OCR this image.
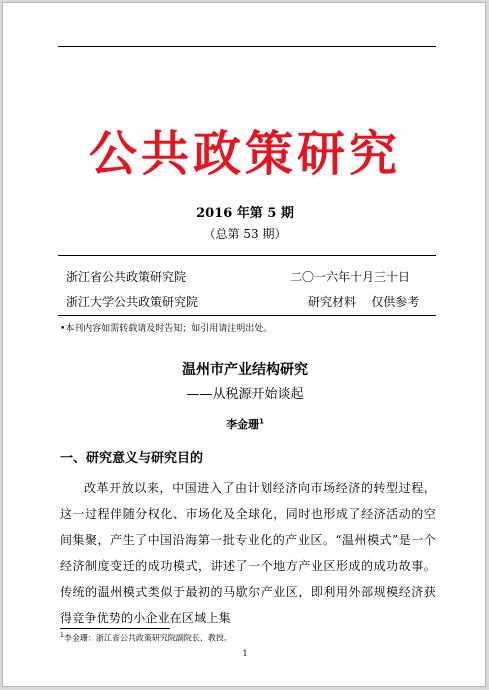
公共政策研究
2016 年第 5 期
（总第 53 期）
浙江省公共政策研究院	二〇一六年十月三十日
浙江大学公共政策研究院	研究材料    仅供参考
•本刊内容如需转载请及时告知；如引用请注明出处。
温州市产业结构研究
——从税源开始谈起
李金珊$^1$
一、研究意义与研究目的
改革开放以来，中国进入了由计划经济向市场经济的转型过程，这一过程伴随分权化、市场化及全球化，同时也形成了经济活动的空间集聚，产生了中国沿海第一批专业化的产业区。“温州模式”是一个经济制度变迁的成功模式，讲述了一个地方产业区形成的成功故事。传统的温州模式类似于最初的马歇尔产业区，即利用外部规模经济获得竞争优势的小企业在区域上集
$^1$李金珊：浙江省公共政策研究院副院长、教授。
1
